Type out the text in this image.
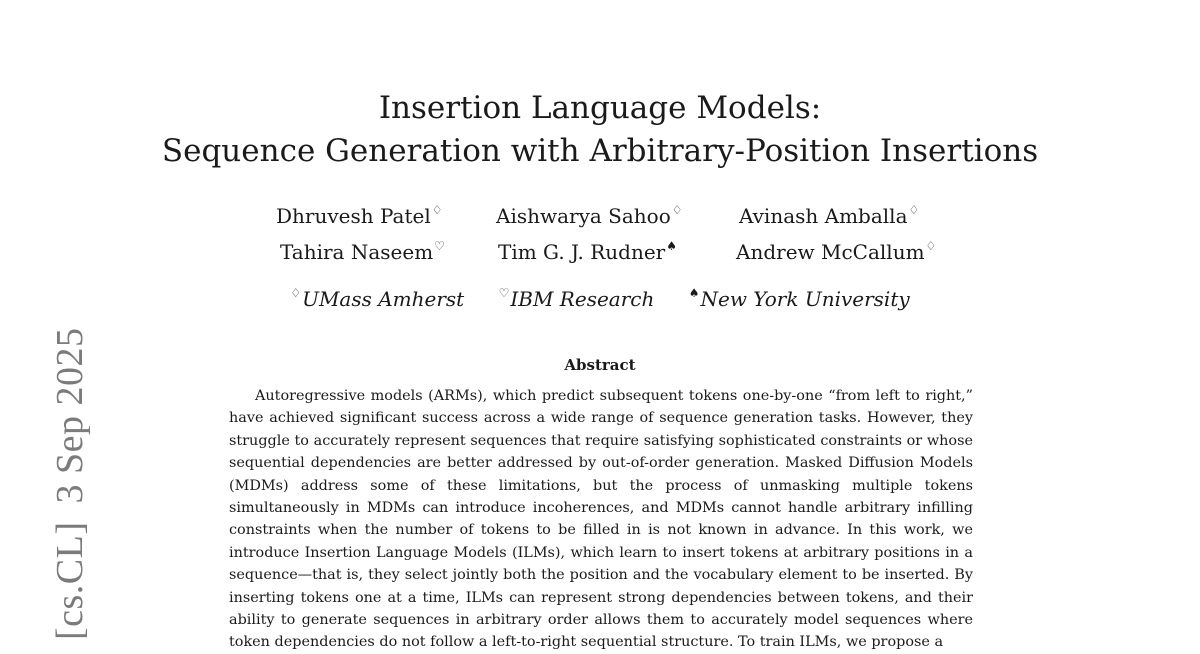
Insertion Language Models:
Sequence Generation with Arbitrary-Position Insertions
Dhruvesh Patel♢	Aishwarya Sahoo♢	Avinash Amballa♢
Tahira Naseem♡	Tim G. J. Rudner♠	Andrew McCallum♢
♢UMass Amherst	♡IBM Research	♠New York University
Abstract

Autoregressive models (ARMs), which predict subsequent tokens one-by-one “from left to right,” have achieved significant success across a wide range of sequence generation tasks. However, they struggle to accurately represent sequences that require satisfying sophisticated constraints or whose sequential dependencies are better addressed by out-of-order generation. Masked Diffusion Models (MDMs) address some of these limitations, but the process of unmasking multiple tokens simultaneously in MDMs can introduce incoherences, and MDMs cannot handle arbitrary infilling constraints when the number of tokens to be filled in is not known in advance. In this work, we introduce Insertion Language Models (ILMs), which learn to insert tokens at arbitrary positions in a sequence—that is, they select jointly both the position and the vocabulary element to be inserted. By inserting tokens one at a time, ILMs can represent strong dependencies between tokens, and their ability to generate sequences in arbitrary order allows them to accurately model sequences where token dependencies do not follow a left-to-right sequential structure. To train ILMs, we propose a

[cs.CL]3 Sep 2025
